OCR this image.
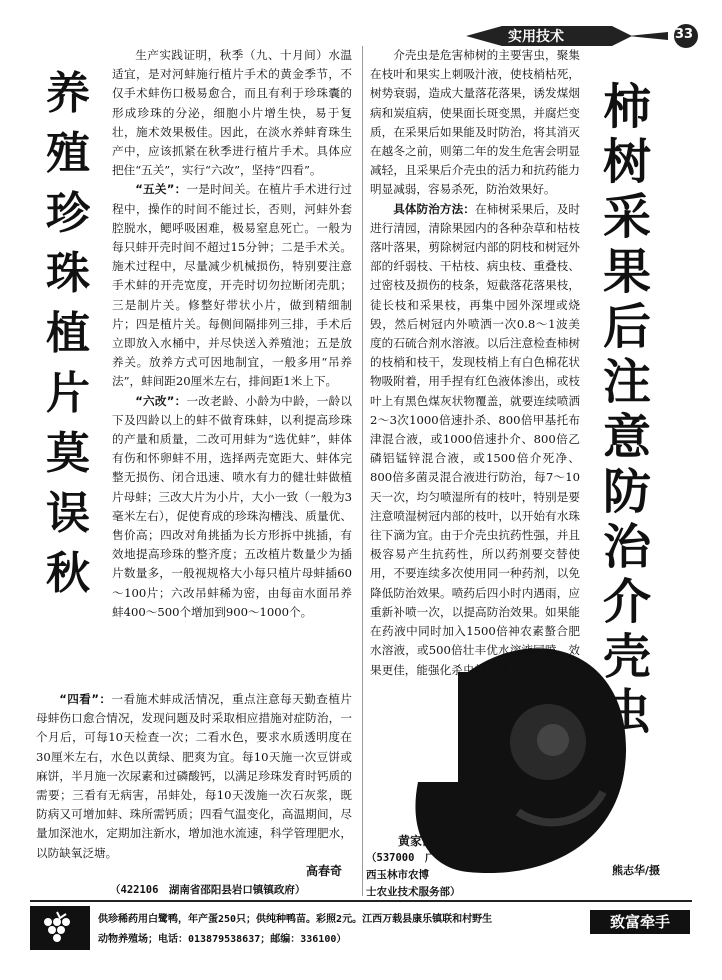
实用技术	33
养
殖
珍
珠
植
片
莫
误
秋

生产实践证明，秋季（九、十月间）水温适宜，是对河蚌施行植片手术的黄金季节，不仅手术蚌伤口极易愈合，而且有利于珍珠囊的形成珍珠的分泌，细胞小片增生快，易于复壮，施术效果极佳。因此，在淡水养蚌育珠生产中，应该抓紧在秋季进行植片手术。具体应把住“五关”，实行“六改”，坚持“四看”。

“五关”：一是时间关。在植片手术进行过程中，操作的时间不能过长，否则，河蚌外套腔脱水，鳃呼吸困难，极易窒息死亡。一般为每只蚌开壳时间不超过15分钟；二是手术关。施术过程中，尽量减少机械损伤，特别要注意手术蚌的开壳宽度，开壳时切勿拉断闭壳肌；三是制片关。修整好带状小片，做到精细制片；四是植片关。每侧间隔排列三排，手术后立即放入水桶中，并尽快送入养殖池；五是放养关。放养方式可因地制宜，一般多用“吊养法”，蚌间距20厘米左右，排间距1米上下。

“六改”：一改老龄、小龄为中龄，一龄以下及四龄以上的蚌不做育珠蚌，以利提高珍珠的产量和质量，二改可用蚌为“选优蚌”，蚌体有伤和怀卵蚌不用，选择两壳宽距大、蚌体完整无损伤、闭合迅速、喷水有力的健壮蚌做植片母蚌；三改大片为小片，大小一致（一般为3毫米左右），促使育成的珍珠沟槽浅、质量优、售价高；四改对角挑插为长方形拆中挑插，有效地提高珍珠的整齐度；五改植片数量少为插片数量多，一般视规格大小每只植片母蚌插60～100片；六改吊蚌稀为密，由每亩水面吊养蚌400～500个增加到900～1000个。

“四看”：一看施术蚌成活情况，重点注意每天勤查植片母蚌伤口愈合情况，发现问题及时采取相应措施对症防治，一个月后，可每10天检查一次；二看水色，要求水质透明度在30厘米左右，水色以黄绿、肥爽为宜。每10天施一次豆饼或麻饼，半月施一次尿素和过磷酸钙，以满足珍珠发育时钙质的需要；三看有无病害，吊蚌处，每10天泼施一次石灰浆，既防病又可增加蚌、珠所需钙质；四看气温变化，高温期间，尽量加深池水，定期加注新水，增加池水流速，科学管理肥水，以防缺氧泛塘。

高春奇
（422106　湖南省邵阳县岩口镇镇政府）

介壳虫是危害柿树的主要害虫，聚集在枝叶和果实上刺吸汁液，使枝梢枯死，树势衰弱，造成大量落花落果，诱发煤烟病和炭疽病，使果面长斑变黑，并腐烂变质，在采果后如果能及时防治，将其消灭在越冬之前，则第二年的发生危害会明显减轻，且采果后介壳虫的活力和抗药能力明显减弱，容易杀死，防治效果好。

具体防治方法：在柿树采果后，及时进行清园，清除果园内的各种杂草和枯枝落叶落果，剪除树冠内部的阴枝和树冠外部的纤弱枝、干枯枝、病虫枝、重叠枝、过密枝及损伤的枝条，短截落花落果枝，徒长枝和采果枝，再集中园外深埋或烧毁，然后树冠内外喷洒一次0.8～1波美度的石硫合剂水溶液。以后注意检查柿树的枝梢和枝干，发现枝梢上有白色棉花状物吸附着，用手捏有红色液体渗出，或枝叶上有黑色煤灰状物覆盖，就要连续喷洒2～3次1000倍速扑杀、800倍甲基托布津混合液，或1000倍速扑介、800倍乙磷铝锰锌混合液，或1500倍介死净、800倍多菌灵混合液进行防治，每7～10天一次，均匀喷湿所有的枝叶，特别是要注意喷湿树冠内部的枝叶，以开始有水珠往下滴为宜。由于介壳虫抗药性强，并且极容易产生抗药性，所以药剂要交替使用，不要连续多次使用同一种药剂，以免降低防治效果。喷药后四小时内遇雨，应重新补喷一次，以提高防治效果。如果能在药液中同时加入1500倍神农素螯合肥水溶液，或500倍壮丰优水溶液同喷，效果更佳，能强化杀虫的功效。

柿
树
采
果
后
注
意
防
治
介
壳
虫
黄家南
（537000　广
西玉林市农博
士农业技术服务部）
熊志华/摄
供珍稀药用白鹭鸭，年产蛋250只；供纯种鸭苗。彩照2元。江西万载县康乐镇联和村野生
动物养殖场；电话：013879538637；邮编：336100）
致富牵手
